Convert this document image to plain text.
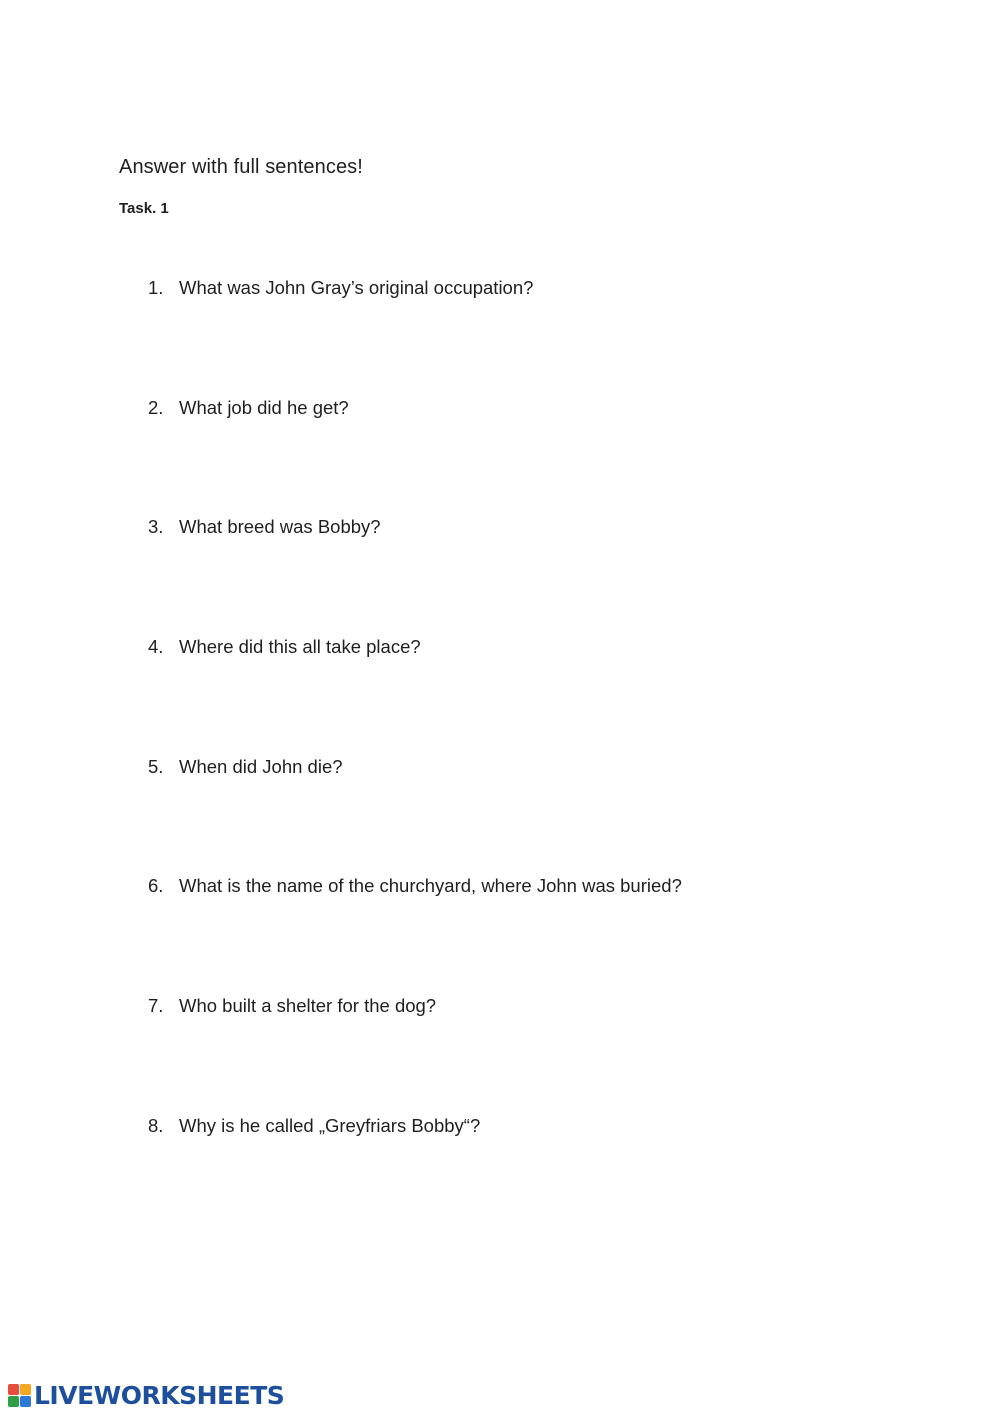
Answer with full sentences!
Task. 1
1. What was John Gray’s original occupation?
2. What job did he get?
3. What breed was Bobby?
4. Where did this all take place?
5. When did John die?
6. What is the name of the churchyard, where John was buried?
7. Who built a shelter for the dog?
8. Why is he called „Greyfriars Bobby“?
LIVEWORKSHEETS
